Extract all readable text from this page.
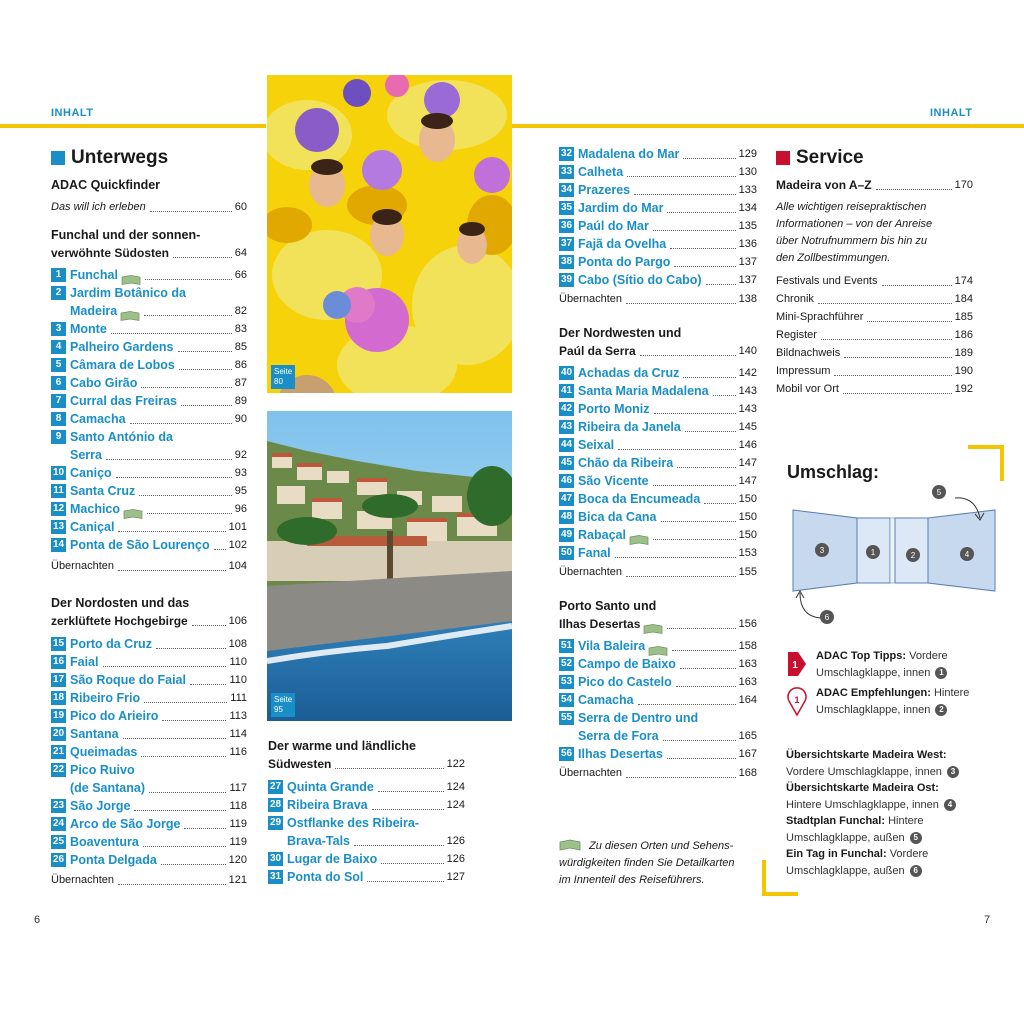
INHALT	INHALT
Unterwegs
ADAC Quickfinder
Das will ich erleben	60
Funchal und der sonnen-
verwöhnte Südosten	64
1 Funchal	66
2 Jardim Botânico da
Madeira	82
3 Monte	83
4 Palheiro Gardens	85
5 Câmara de Lobos	86
6 Cabo Girão	87
7 Curral das Freiras	89
8 Camacha	90
9 Santo António da
Serra	92
10 Caniço	93
11 Santa Cruz	95
12 Machico	96
13 Caniçal	101
14 Ponta de São Lourenço 102
Übernachten	104
Der Nordosten und das
zerklüftete Hochgebirge	106
15 Porto da Cruz	108
16 Faial	110
17 São Roque do Faial	110
18 Ribeiro Frio	111
19 Pico do Arieiro	113
20 Santana	114
21 Queimadas	116
22 Pico Ruivo
(de Santana)	117
23 São Jorge	118
24 Arco de São Jorge	119
25 Boaventura	119
26 Ponta Delgada	120
Übernachten	121
Seite
80
Seite
95
Der warme und ländliche
Südwesten	122
27 Quinta Grande	124
28 Ribeira Brava	124
29 Ostflanke des Ribeira-
Brava-Tals	126
30 Lugar de Baixo	126
31 Ponta do Sol	127
32 Madalena do Mar	129
33 Calheta	130
34 Prazeres	133
35 Jardim do Mar	134
36 Paúl do Mar	135
37 Fajã da Ovelha	136
38 Ponta do Pargo	137
39 Cabo (Sítio do Cabo)	137
Übernachten	138
Der Nordwesten und
Paúl da Serra	140
40 Achadas da Cruz	142
41 Santa Maria Madalena	143
42 Porto Moniz	143
43 Ribeira da Janela	145
44 Seixal	146
45 Chão da Ribeira	147
46 São Vicente	147
47 Boca da Encumeada	150
48 Bica da Cana	150
49 Rabaçal	150
50 Fanal	153
Übernachten	155
Porto Santo und
Ilhas Desertas	156
51 Vila Baleira	158
52 Campo de Baixo	163
53 Pico do Castelo	163
54 Camacha	164
55 Serra de Dentro und
Serra de Fora	165
56 Ilhas Desertas	167
Übernachten	168
Zu diesen Orten und Sehens-
würdigkeiten finden Sie Detailkarten
im Innenteil des Reiseführers.
Service
Madeira von A–Z	170
Alle wichtigen reisepraktischen
Informationen – von der Anreise
über Notrufnummern bis hin zu
den Zollbestimmungen.
Festivals und Events	174
Chronik	184
Mini-Sprachführer	185
Register	186
Bildnachweis	189
Impressum	190
Mobil vor Ort	192
Umschlag:
3	1	2	4
5
6
1
ADAC Top Tipps: Vordere
Umschlagklappe, innen 1
1
ADAC Empfehlungen: Hintere
Umschlagklappe, innen 2
Übersichtskarte Madeira West:
Vordere Umschlagklappe, innen 3
Übersichtskarte Madeira Ost:
Hintere Umschlagklappe, innen 4
Stadtplan Funchal: Hintere
Umschlagklappe, außen 5
Ein Tag in Funchal: Vordere
Umschlagklappe, außen 6
6	7
